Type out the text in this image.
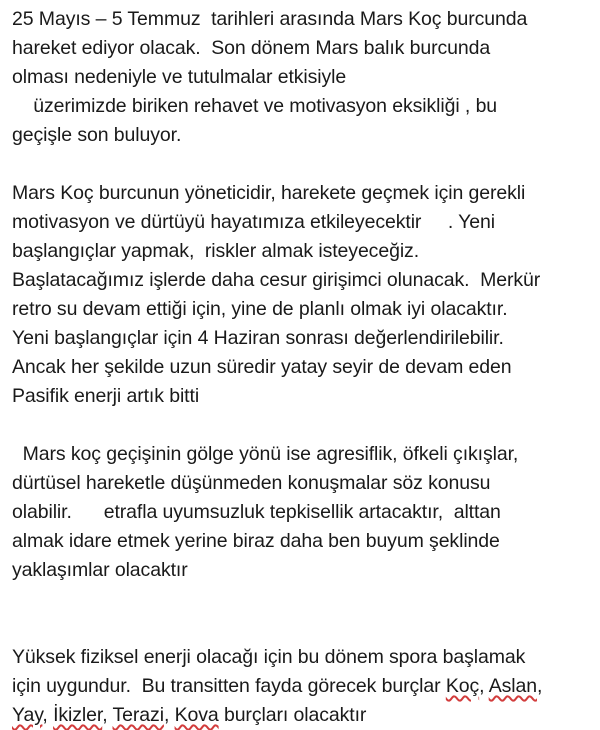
25 Mayıs – 5 Temmuz  tarihleri arasında Mars Koç burcunda
hareket ediyor olacak.  Son dönem Mars balık burcunda
olması nedeniyle ve tutulmalar etkisiyle
üzerimizde biriken rehavet ve motivasyon eksikliği , bu
geçişle son buluyor.
Mars Koç burcunun yöneticidir, harekete geçmek için gerekli
motivasyon ve dürtüyü hayatımıza etkileyecektir     . Yeni
başlangıçlar yapmak,  riskler almak isteyeceğiz.
Başlatacağımız işlerde daha cesur girişimci olunacak.  Merkür
retro su devam ettiği için, yine de planlı olmak iyi olacaktır.
Yeni başlangıçlar için 4 Haziran sonrası değerlendirilebilir.
Ancak her şekilde uzun süredir yatay seyir de devam eden
Pasifik enerji artık bitti
Mars koç geçişinin gölge yönü ise agresiflik, öfkeli çıkışlar,
dürtüsel hareketle düşünmeden konuşmalar söz konusu
olabilir.      etrafla uyumsuzluk tepkisellik artacaktır,  alttan
almak idare etmek yerine biraz daha ben buyum şeklinde
yaklaşımlar olacaktır
Yüksek fiziksel enerji olacağı için bu dönem spora başlamak
için uygundur.  Bu transitten fayda görecek burçlar Koç, Aslan,
Yay, İkizler, Terazi, Kova burçları olacaktır
